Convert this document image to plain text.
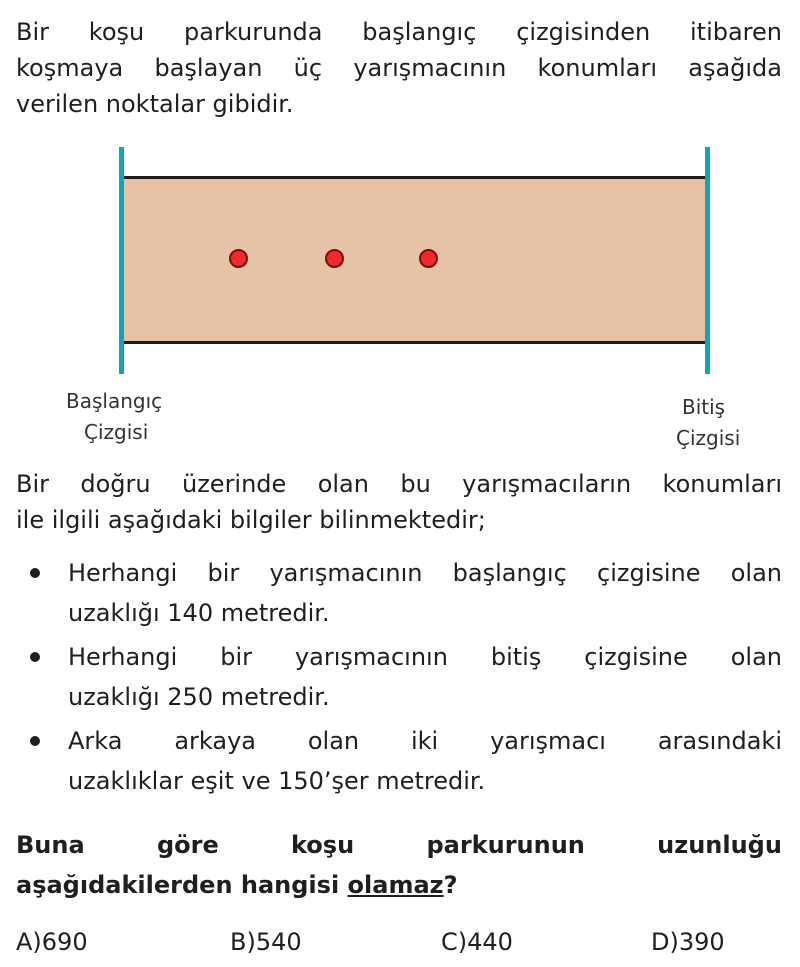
Bir koşu parkurunda başlangıç çizgisinden itibaren
koşmaya başlayan üç yarışmacının konumları aşağıda
verilen noktalar gibidir.
Başlangıç
Çizgisi
Bitiş
Çizgisi
Bir doğru üzerinde olan bu yarışmacıların konumları
ile ilgili aşağıdaki bilgiler bilinmektedir;
Herhangi bir yarışmacının başlangıç çizgisine olan
uzaklığı 140 metredir.
Herhangi bir yarışmacının bitiş çizgisine olan
uzaklığı 250 metredir.
Arka arkaya olan iki yarışmacı arasındaki
uzaklıklar eşit ve 150’şer metredir.
Buna	göre	koşu	parkurunun	uzunluğu
aşağıdakilerden hangisi olamaz?
A)690	B)540	C)440	D)390
